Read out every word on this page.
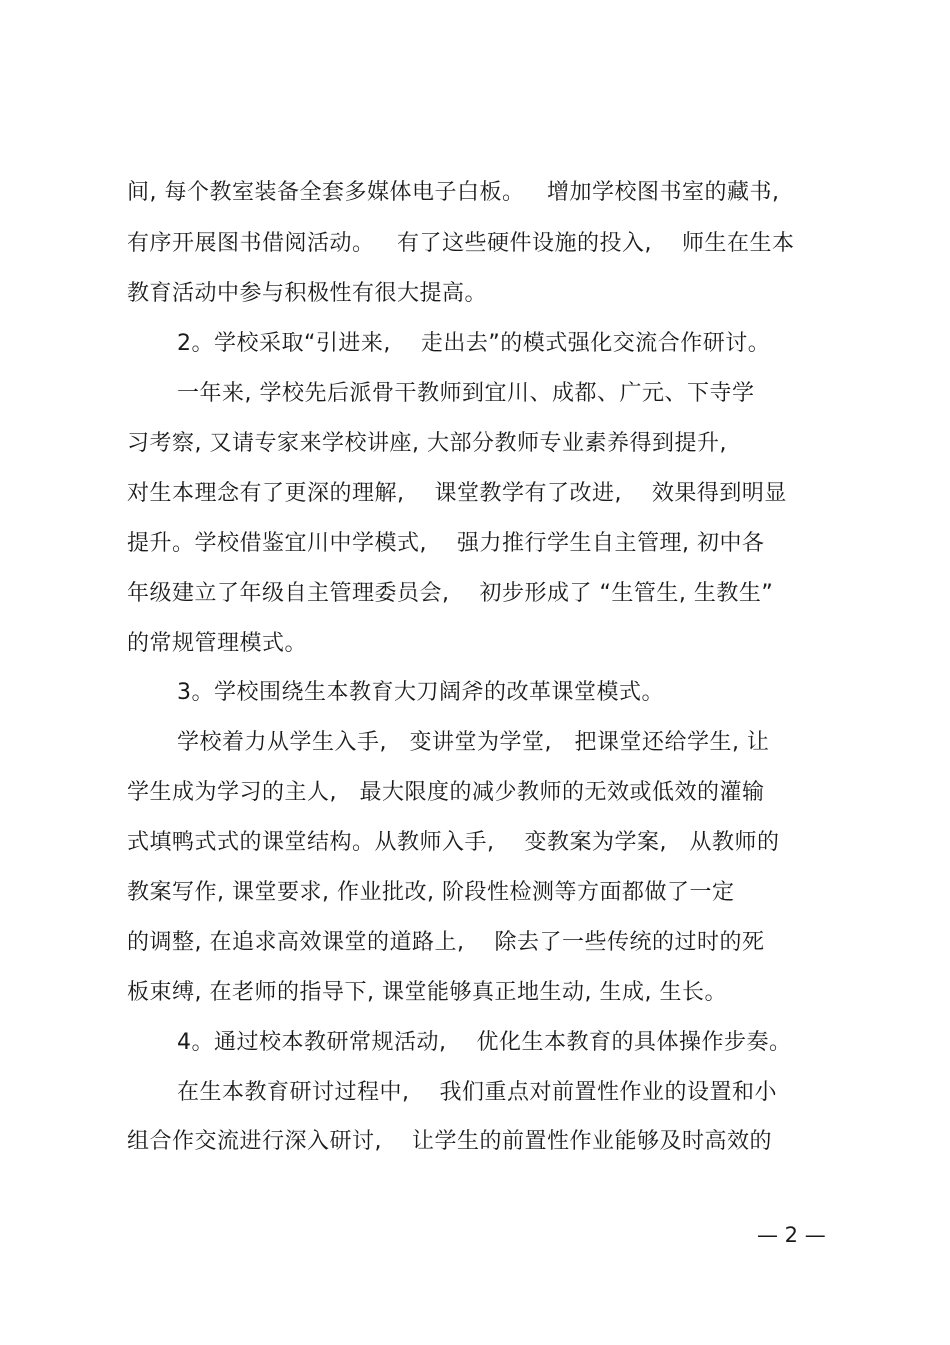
间, 每个教室装备全套多媒体电子白板。   增加学校图书室的藏书,
有序开展图书借阅活动。   有了这些硬件设施的投入,    师生在生本
教育活动中参与积极性有很大提高。
2。学校采取“引进来,    走出去”的模式强化交流合作研讨。
一年来, 学校先后派骨干教师到宜川、成都、广元、下寺学
习考察, 又请专家来学校讲座, 大部分教师专业素养得到提升,
对生本理念有了更深的理解,    课堂教学有了改进,    效果得到明显
提升。学校借鉴宜川中学模式,    强力推行学生自主管理, 初中各
年级建立了年级自主管理委员会,    初步形成了 “生管生, 生教生”
的常规管理模式。
3。学校围绕生本教育大刀阔斧的改革课堂模式。
学校着力从学生入手,   变讲堂为学堂,   把课堂还给学生, 让
学生成为学习的主人,   最大限度的减少教师的无效或低效的灌输
式填鸭式式的课堂结构。从教师入手,    变教案为学案,   从教师的
教案写作, 课堂要求, 作业批改, 阶段性检测等方面都做了一定
的调整, 在追求高效课堂的道路上,    除去了一些传统的过时的死
板束缚, 在老师的指导下, 课堂能够真正地生动, 生成, 生长。
4。通过校本教研常规活动,    优化生本教育的具体操作步奏。
在生本教育研讨过程中,    我们重点对前置性作业的设置和小
组合作交流进行深入研讨,    让学生的前置性作业能够及时高效的
— 2 —
